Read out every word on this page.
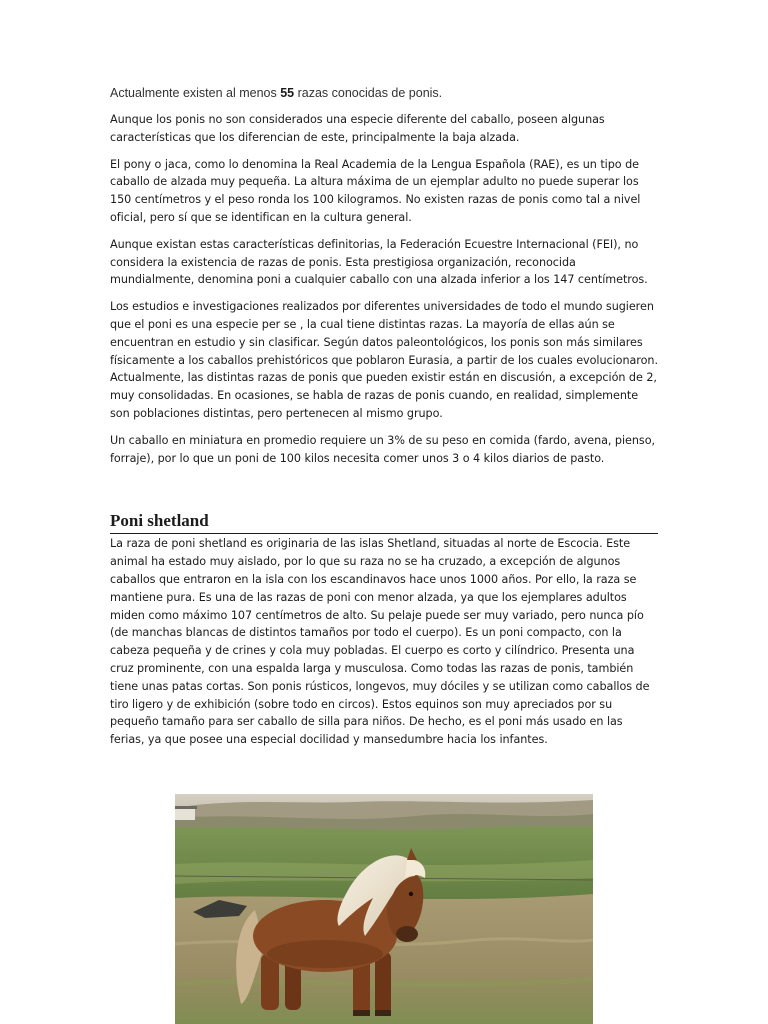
Actualmente existen al menos 55 razas conocidas de ponis.

Aunque los ponis no son considerados una especie diferente del caballo, poseen algunas características que los diferencian de este, principalmente la baja alzada.

El pony o jaca, como lo denomina la Real Academia de la Lengua Española (RAE), es un tipo de caballo de alzada muy pequeña. La altura máxima de un ejemplar adulto no puede superar los 150 centímetros y el peso ronda los 100 kilogramos. No existen razas de ponis como tal a nivel oficial, pero sí que se identifican en la cultura general.

Aunque existan estas características definitorias, la Federación Ecuestre Internacional (FEI), no considera la existencia de razas de ponis. Esta prestigiosa organización, reconocida mundialmente, denomina poni a cualquier caballo con una alzada inferior a los 147 centímetros.

Los estudios e investigaciones realizados por diferentes universidades de todo el mundo sugieren que el poni es una especie per se , la cual tiene distintas razas. La mayoría de ellas aún se encuentran en estudio y sin clasificar. Según datos paleontológicos, los ponis son más similares físicamente a los caballos prehistóricos que poblaron Eurasia, a partir de los cuales evolucionaron. Actualmente, las distintas razas de ponis que pueden existir están en discusión, a excepción de 2, muy consolidadas. En ocasiones, se habla de razas de ponis cuando, en realidad, simplemente son poblaciones distintas, pero pertenecen al mismo grupo.

Un caballo en miniatura en promedio requiere un 3% de su peso en comida (fardo, avena, pienso, forraje), por lo que un poni de 100 kilos necesita comer unos 3 o 4 kilos diarios de pasto.

Poni shetland

La raza de poni shetland es originaria de las islas Shetland, situadas al norte de Escocia. Este animal ha estado muy aislado, por lo que su raza no se ha cruzado, a excepción de algunos caballos que entraron en la isla con los escandinavos hace unos 1000 años. Por ello, la raza se mantiene pura. Es una de las razas de poni con menor alzada, ya que los ejemplares adultos miden como máximo 107 centímetros de alto. Su pelaje puede ser muy variado, pero nunca pío (de manchas blancas de distintos tamaños por todo el cuerpo). Es un poni compacto, con la cabeza pequeña y de crines y cola muy pobladas. El cuerpo es corto y cilíndrico. Presenta una cruz prominente, con una espalda larga y musculosa. Como todas las razas de ponis, también tiene unas patas cortas. Son ponis rústicos, longevos, muy dóciles y se utilizan como caballos de tiro ligero y de exhibición (sobre todo en circos). Estos equinos son muy apreciados por su pequeño tamaño para ser caballo de silla para niños. De hecho, es el poni más usado en las ferias, ya que posee una especial docilidad y mansedumbre hacia los infantes.
